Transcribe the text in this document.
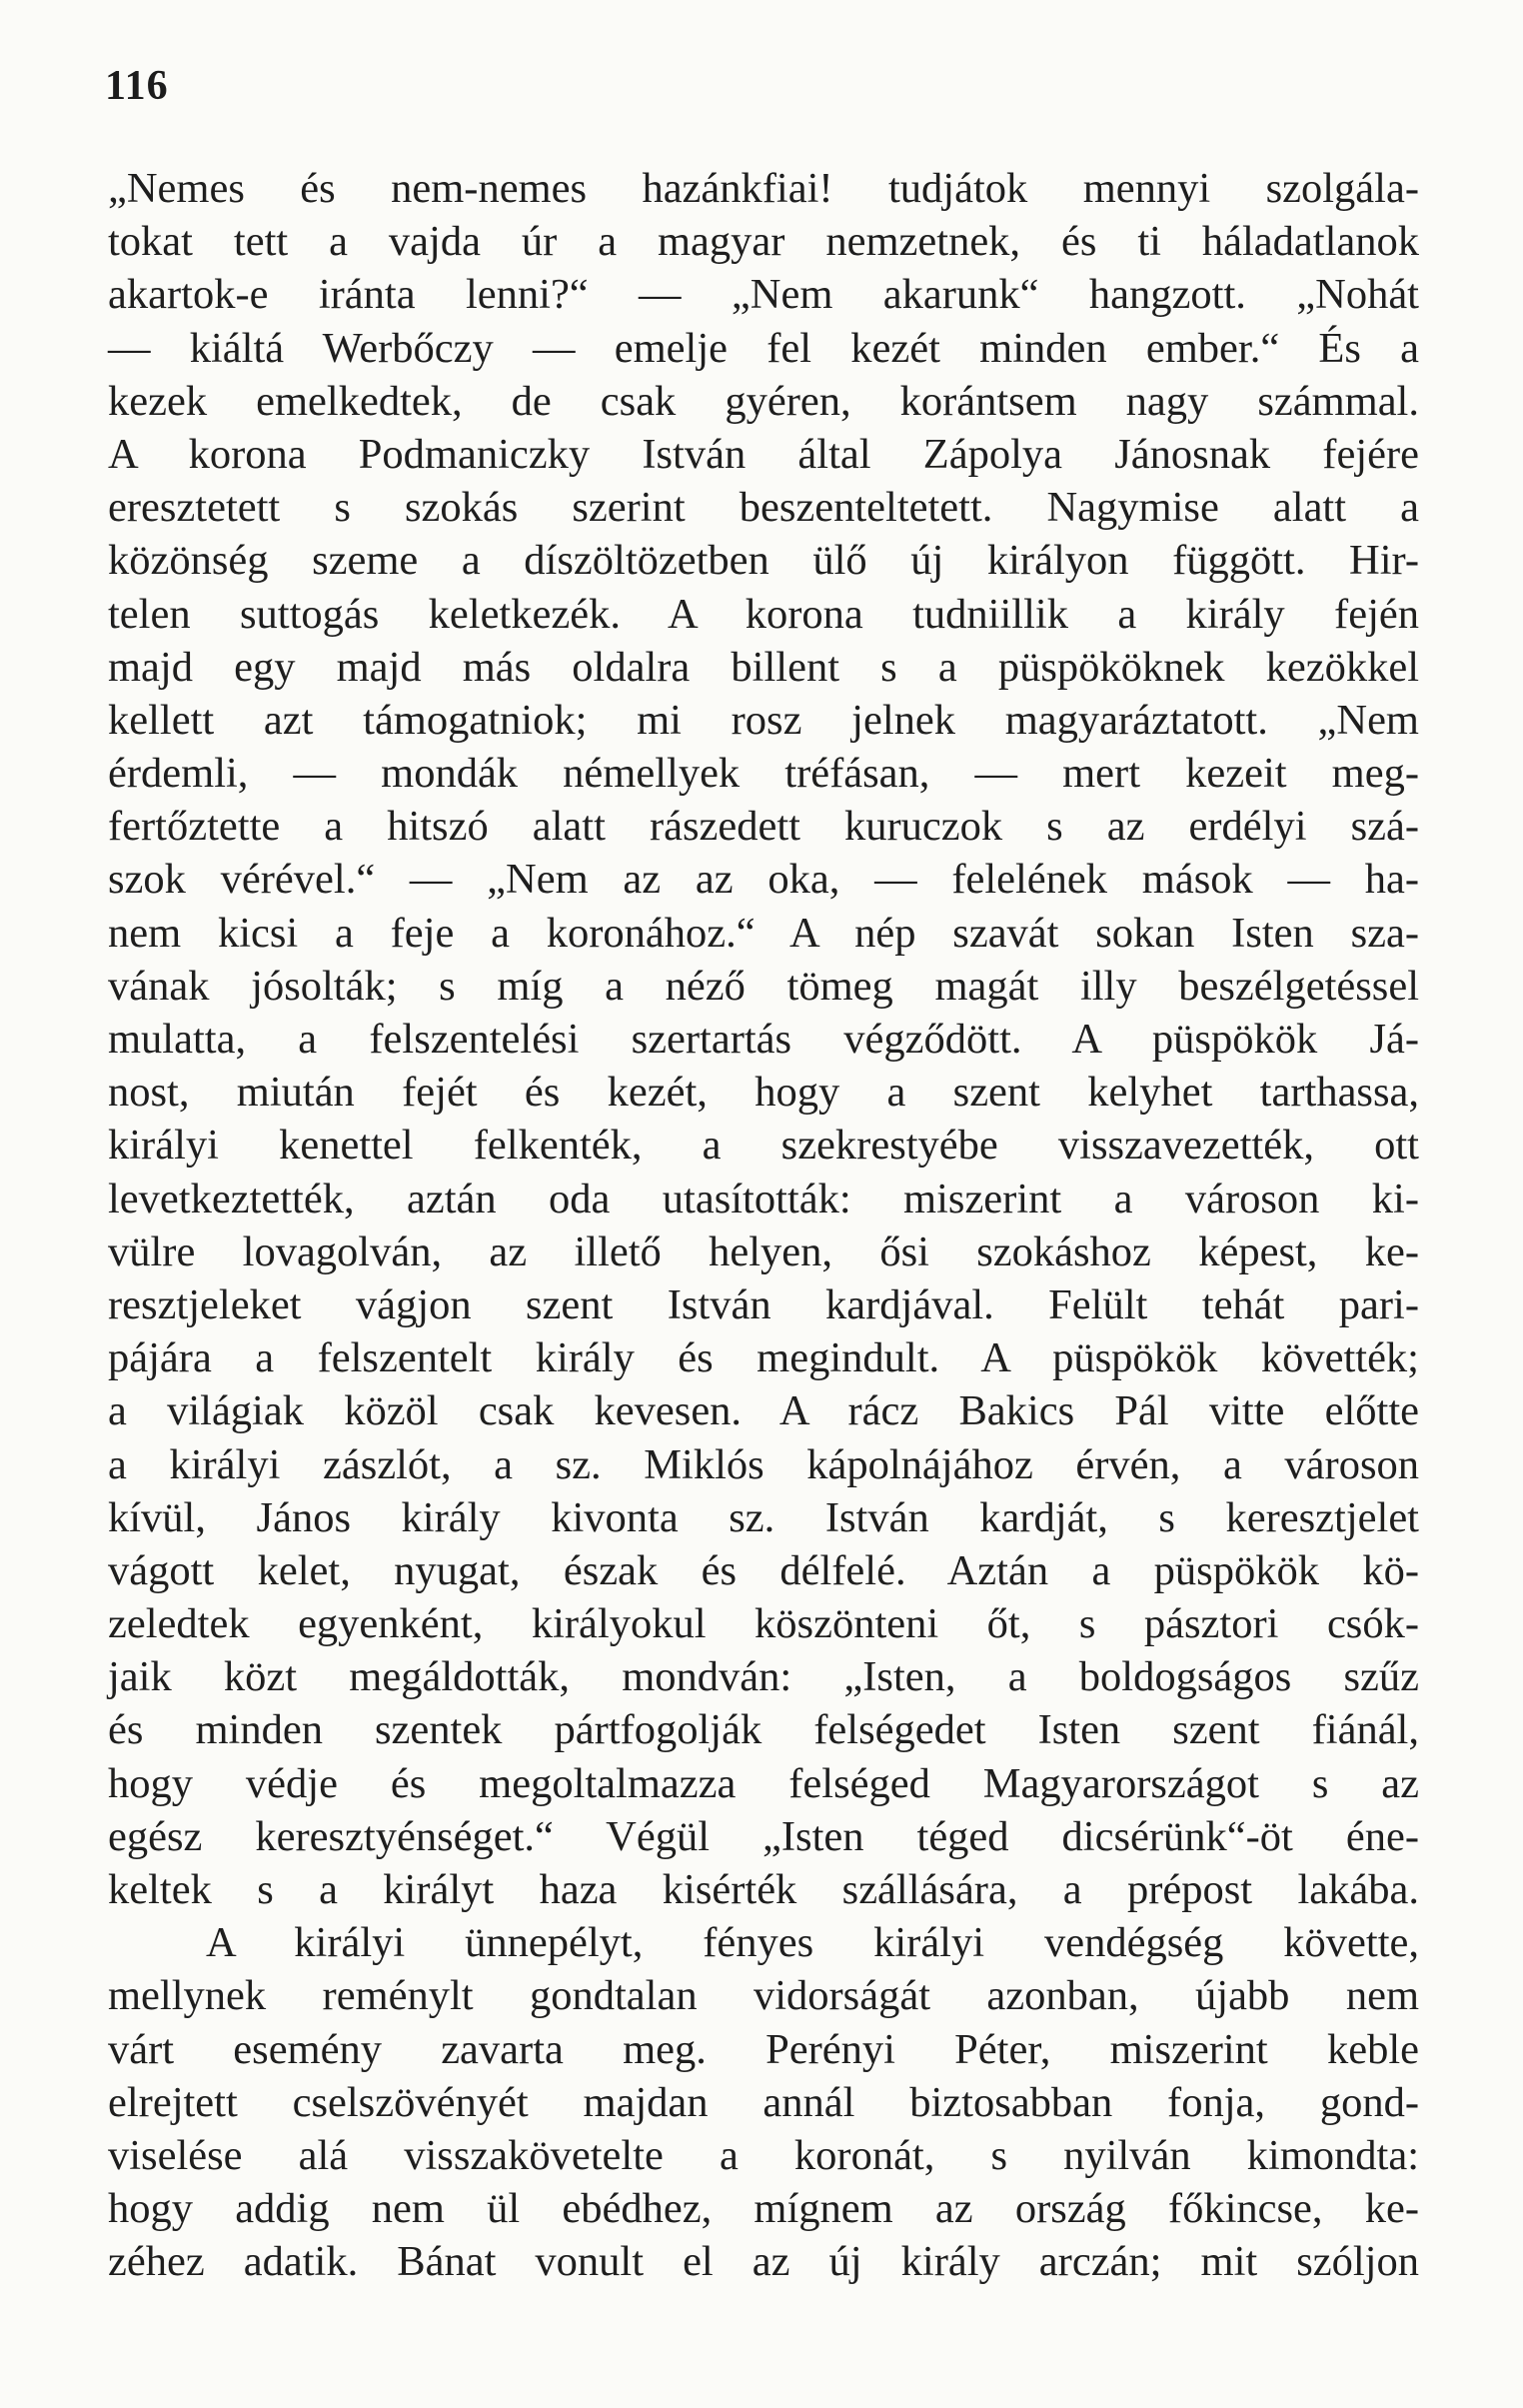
116
„Nemes és nem-nemes hazánkfiai! tudjátok mennyi szolgála-
tokat tett a vajda úr a magyar nemzetnek, és ti háladatlanok
akartok-e iránta lenni?“ — „Nem akarunk“ hangzott. „Nohát
— kiáltá Werbőczy — emelje fel kezét minden ember.“ És a
kezek emelkedtek, de csak gyéren, korántsem nagy számmal.
A korona Podmaniczky István által Zápolya Jánosnak fejére
eresztetett s szokás szerint beszenteltetett. Nagymise alatt a
közönség szeme a díszöltözetben ülő új királyon függött. Hir-
telen suttogás keletkezék. A korona tudniillik a király fején
majd egy majd más oldalra billent s a püspököknek kezökkel
kellett azt támogatniok; mi rosz jelnek magyaráztatott. „Nem
érdemli, — mondák némellyek tréfásan, — mert kezeit meg-
fertőztette a hitszó alatt rászedett kuruczok s az erdélyi szá-
szok vérével.“ — „Nem az az oka, — felelének mások — ha-
nem kicsi a feje a koronához.“ A nép szavát sokan Isten sza-
vának jósolták; s míg a néző tömeg magát illy beszélgetéssel
mulatta, a felszentelési szertartás végződött. A püspökök Já-
nost, miután fejét és kezét, hogy a szent kelyhet tarthassa,
királyi kenettel felkenték, a szekrestyébe visszavezették, ott
levetkeztették, aztán oda utasították: miszerint a városon ki-
vülre lovagolván, az illető helyen, ősi szokáshoz képest, ke-
resztjeleket vágjon szent István kardjával. Felült tehát pari-
pájára a felszentelt király és megindult. A püspökök követték;
a világiak közöl csak kevesen. A rácz Bakics Pál vitte előtte
a királyi zászlót, a sz. Miklós kápolnájához érvén, a városon
kívül, János király kivonta sz. István kardját, s keresztjelet
vágott kelet, nyugat, észak és délfelé. Aztán a püspökök kö-
zeledtek egyenként, királyokul köszönteni őt, s pásztori csók-
jaik közt megáldották, mondván: „Isten, a boldogságos szűz
és minden szentek pártfogolják felségedet Isten szent fiánál,
hogy védje és megoltalmazza felséged Magyarországot s az
egész keresztyénséget.“ Végül „Isten téged dicsérünk“-öt éne-
keltek s a királyt haza kisérték szállására, a prépost lakába.
A királyi ünnepélyt, fényes királyi vendégség követte,
mellynek reménylt gondtalan vidorságát azonban, újabb nem
várt esemény zavarta meg. Perényi Péter, miszerint keble
elrejtett cselszövényét majdan annál biztosabban fonja, gond-
viselése alá visszakövetelte a koronát, s nyilván kimondta:
hogy addig nem ül ebédhez, mígnem az ország főkincse, ke-
zéhez adatik. Bánat vonult el az új király arczán; mit szóljon
